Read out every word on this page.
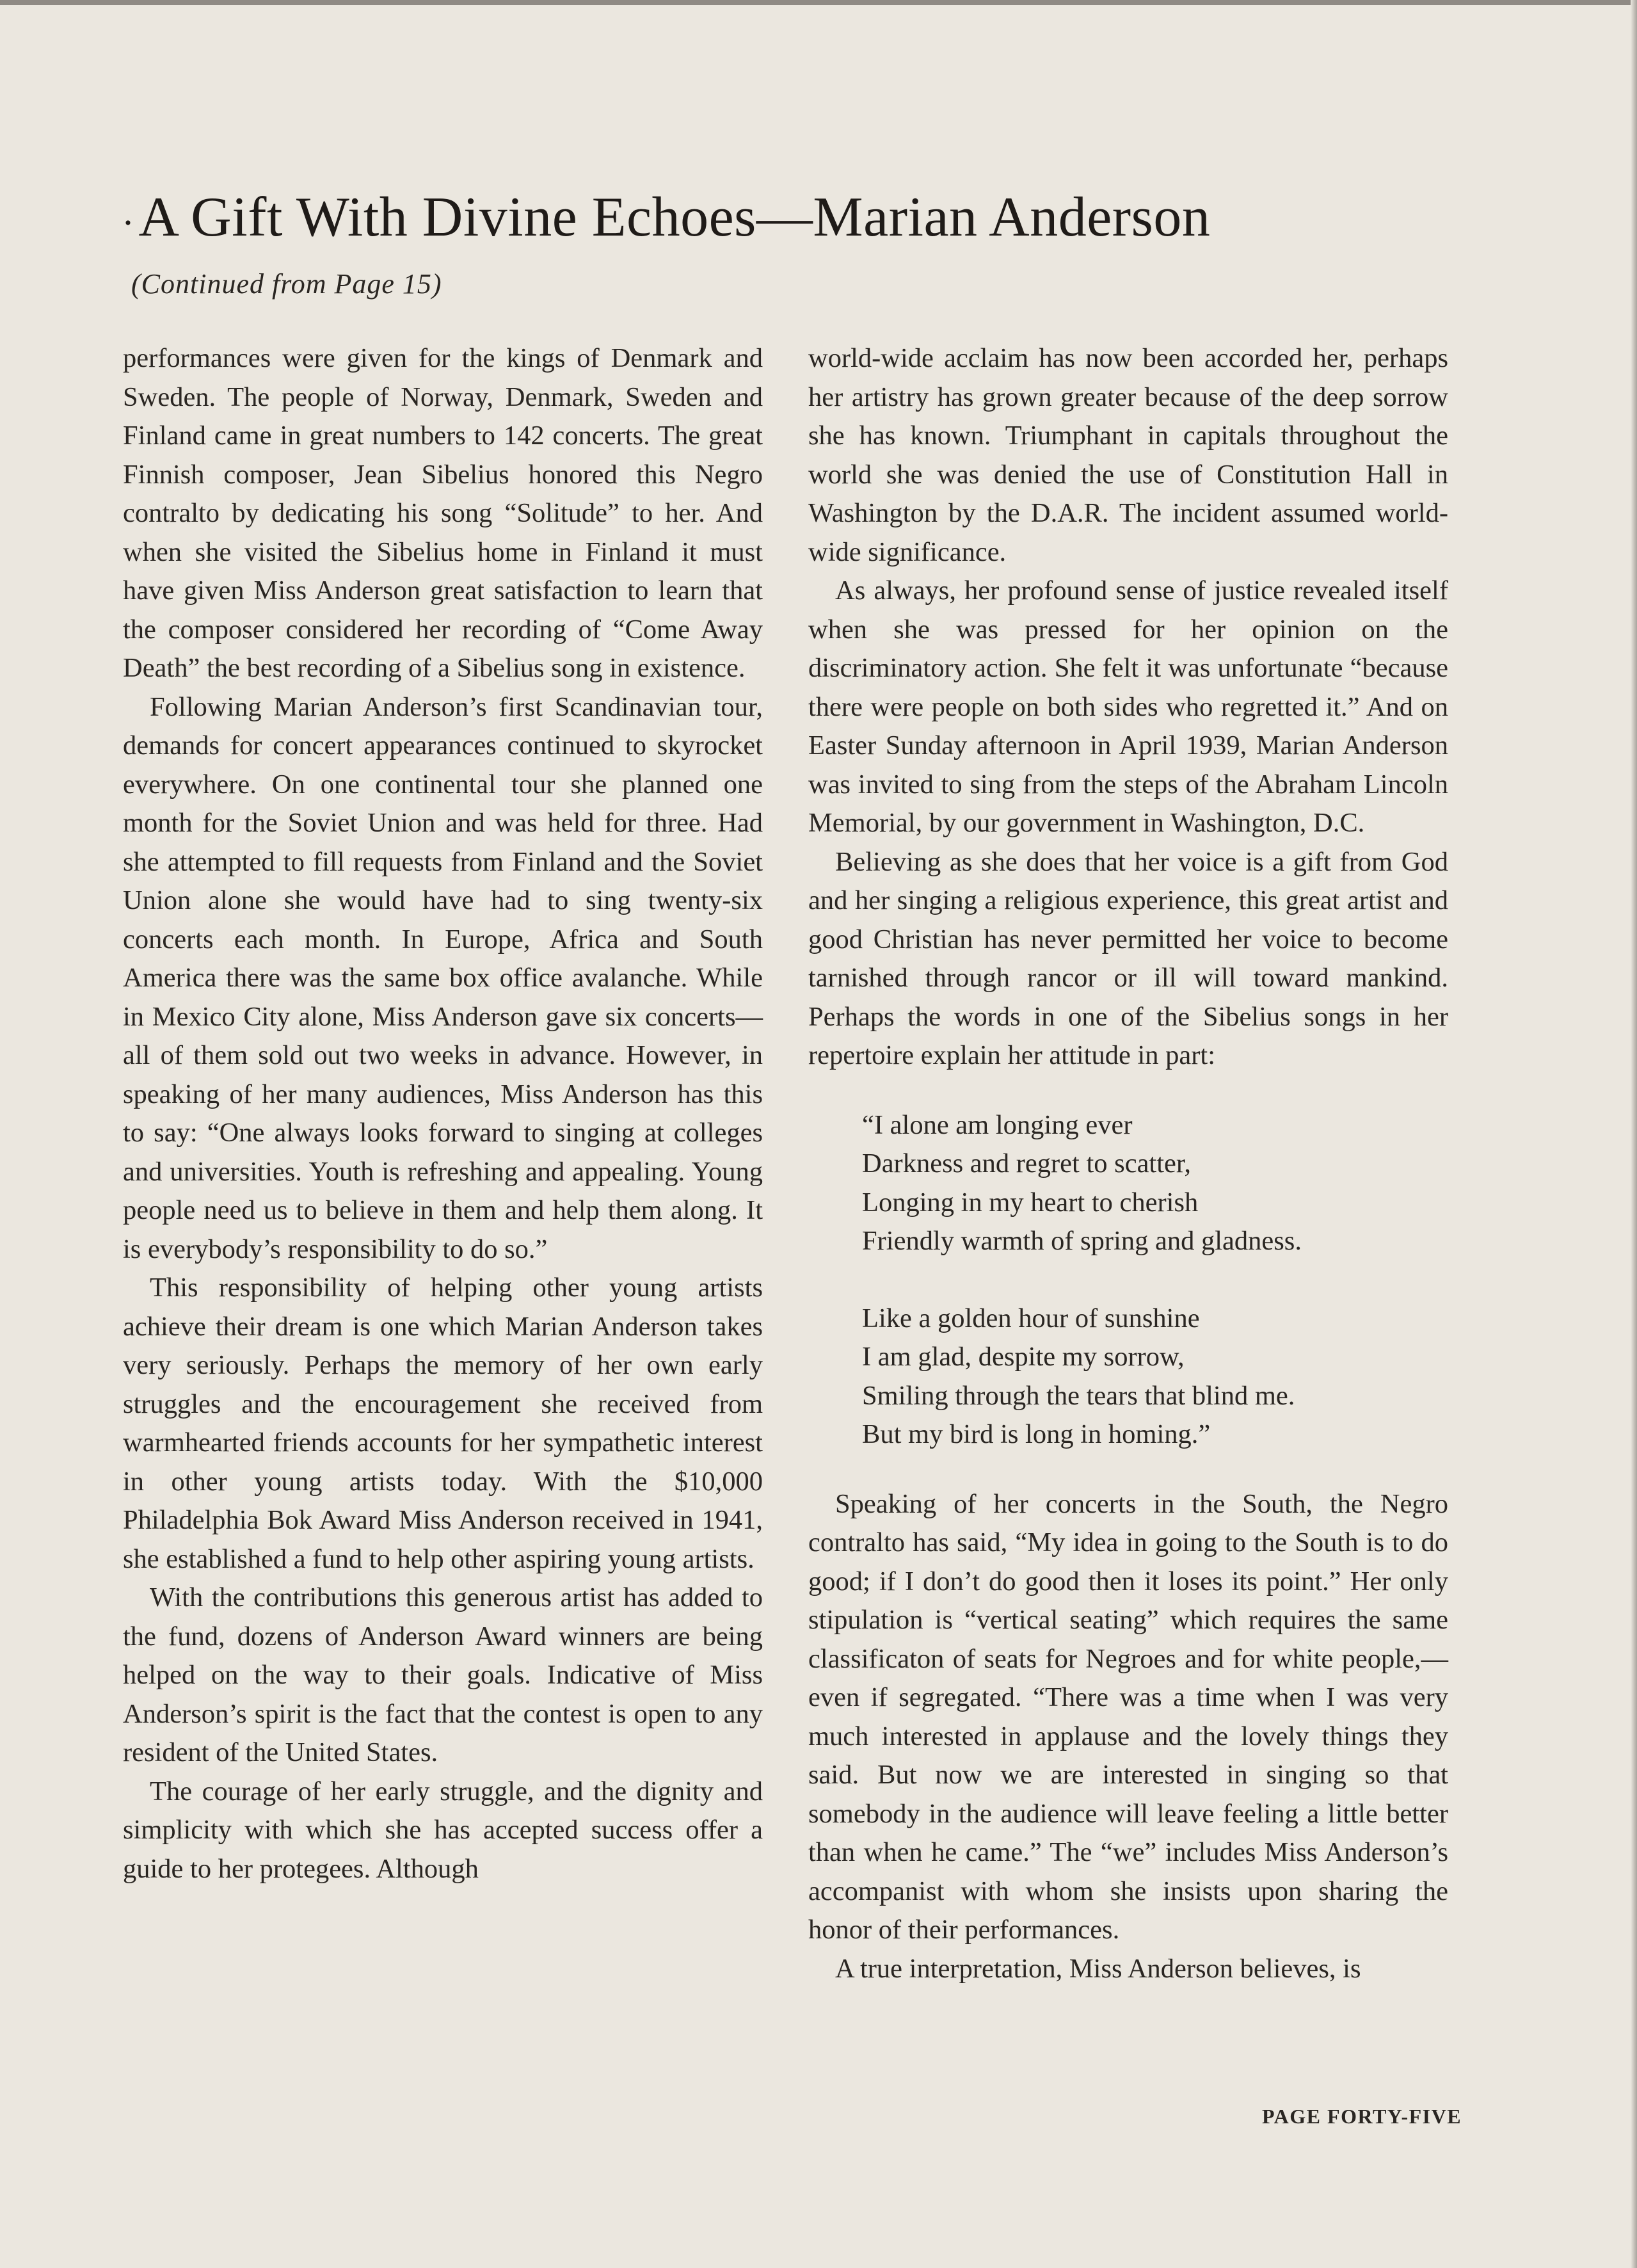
·A Gift With Divine Echoes—Marian Anderson
(Continued from Page 15)

performances were given for the kings of Denmark and Sweden. The people of Norway, Denmark, Sweden and Finland came in great numbers to 142 concerts. The great Finnish composer, Jean Sibelius honored this Negro contralto by dedicating his song “Solitude” to her. And when she visited the Sibelius home in Finland it must have given Miss Anderson great satisfaction to learn that the composer considered her recording of “Come Away Death” the best recording of a Sibelius song in existence.

Following Marian Anderson’s first Scandinavian tour, demands for concert appearances continued to skyrocket everywhere. On one continental tour she planned one month for the Soviet Union and was held for three. Had she attempted to fill requests from Finland and the Soviet Union alone she would have had to sing twenty-six concerts each month. In Europe, Africa and South America there was the same box office avalanche. While in Mexico City alone, Miss Anderson gave six concerts—all of them sold out two weeks in advance. However, in speaking of her many audiences, Miss Anderson has this to say: “One always looks forward to singing at colleges and universities. Youth is refreshing and appealing. Young people need us to believe in them and help them along. It is everybody’s responsibility to do so.”

This responsibility of helping other young artists achieve their dream is one which Marian Anderson takes very seriously. Perhaps the memory of her own early struggles and the encouragement she received from warmhearted friends accounts for her sympathetic interest in other young artists today. With the $10,000 Philadelphia Bok Award Miss Anderson received in 1941, she established a fund to help other aspiring young artists.

With the contributions this generous artist has added to the fund, dozens of Anderson Award winners are being helped on the way to their goals. Indicative of Miss Anderson’s spirit is the fact that the contest is open to any resident of the United States.

The courage of her early struggle, and the dignity and simplicity with which she has accepted success offer a guide to her protegees. Although

world-wide acclaim has now been accorded her, perhaps her artistry has grown greater because of the deep sorrow she has known. Triumphant in capitals throughout the world she was denied the use of Constitution Hall in Washington by the D.A.R. The incident assumed world-wide significance.

As always, her profound sense of justice revealed itself when she was pressed for her opinion on the discriminatory action. She felt it was unfortunate “because there were people on both sides who regretted it.” And on Easter Sunday afternoon in April 1939, Marian Anderson was invited to sing from the steps of the Abraham Lincoln Memorial, by our government in Washington, D.C.

Believing as she does that her voice is a gift from God and her singing a religious experience, this great artist and good Christian has never permitted her voice to become tarnished through rancor or ill will toward mankind. Perhaps the words in one of the Sibelius songs in her repertoire explain her attitude in part:

“I alone am longing ever
Darkness and regret to scatter,
Longing in my heart to cherish
Friendly warmth of spring and gladness.
Like a golden hour of sunshine
I am glad, despite my sorrow,
Smiling through the tears that blind me.
But my bird is long in homing.”

Speaking of her concerts in the South, the Negro contralto has said, “My idea in going to the South is to do good; if I don’t do good then it loses its point.” Her only stipulation is “vertical seating” which requires the same classificaton of seats for Negroes and for white people,—even if segregated. “There was a time when I was very much interested in applause and the lovely things they said. But now we are interested in singing so that somebody in the audience will leave feeling a little better than when he came.” The “we” includes Miss Anderson’s accompanist with whom she insists upon sharing the honor of their performances.

A true interpretation, Miss Anderson believes, is

PAGE FORTY-FIVE
